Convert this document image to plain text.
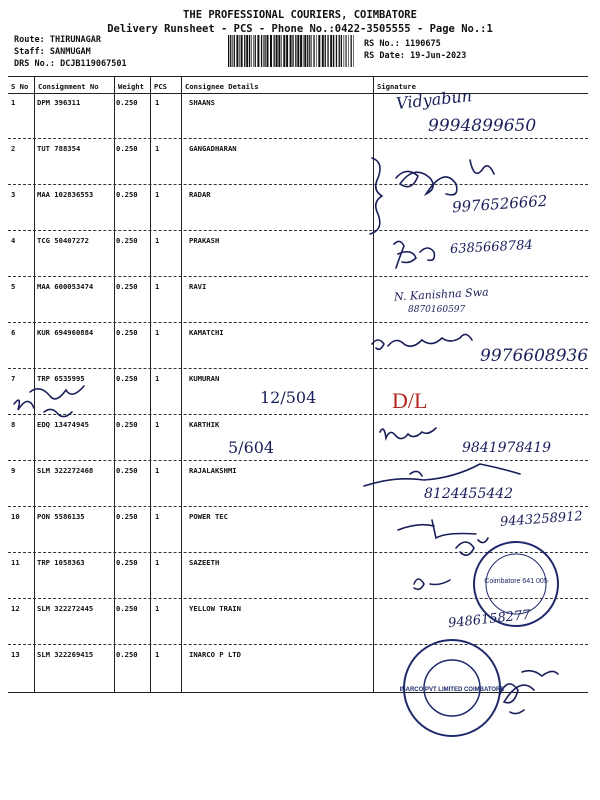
THE PROFESSIONAL COURIERS, COIMBATORE
Delivery Runsheet - PCS - Phone No.:0422-3505555 - Page No.:1
Route: THIRUNAGAR
Staff: SANMUGAM
DRS No.: DCJB119067501
RS No.: 1190675
RS Date: 19-Jun-2023
S No Consignment No	Weight PCS	Consignee Details	Signature
1	DPM 396311	0.250 1	SHAANS
2	TUT 788354	0.250 1	GANGADHARAN
3	MAA 102836553	0.250 1	RADAR
4	TCG 50407272	0.250 1	PRAKASH
5	MAA 600053474	0.250 1	RAVI
6	KUR 694960884	0.250 1	KAMATCHI
7	TRP 6535995	0.250 1	KUMURAN
8	EDQ 13474945	0.250 1	KARTHIK
9	SLM 322272468	0.250 1	RAJALAKSHMI
10 PON 5586135	0.250 1	POWER TEC
11 TRP 1058363	0.250 1	SAZEETH
12 SLM 322272445	0.250 1	YELLOW TRAIN
13 SLM 322269415	0.250 1	INARCO P LTD
Vidyabun
9994899650
9976526662
6385668784
N. Kanishna Swa
8870160597
9976608936
12/504	D/L
5/604	9841978419
8124455442
9443258912
9486158277
Coimbatore 641 005
INARCO PVT LIMITED COIMBATORE
